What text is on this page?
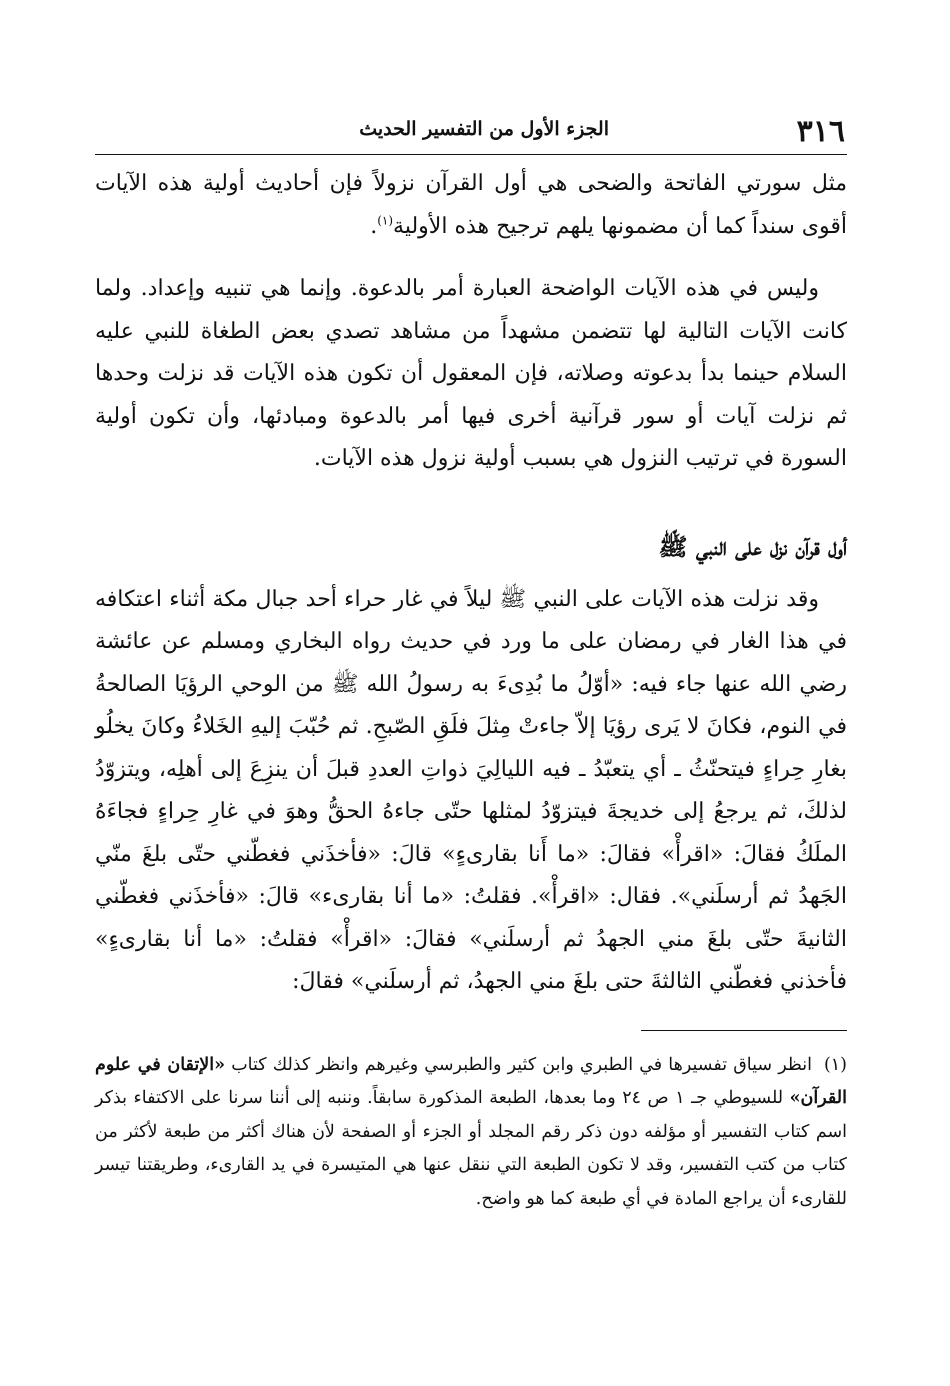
٣١٦
الجزء الأول من التفسير الحديث

مثل سورتي الفاتحة والضحى هي أول القرآن نزولاً فإن أحاديث أولية هذه الآيات أقوى سنداً كما أن مضمونها يلهم ترجيح هذه الأولية$^{(١)}$.

وليس في هذه الآيات الواضحة العبارة أمر بالدعوة. وإنما هي تنبيه وإعداد. ولما كانت الآيات التالية لها تتضمن مشهداً من مشاهد تصدي بعض الطغاة للنبي عليه السلام حينما بدأ بدعوته وصلاته، فإن المعقول أن تكون هذه الآيات قد نزلت وحدها ثم نزلت آيات أو سور قرآنية أخرى فيها أمر بالدعوة ومبادئها، وأن تكون أولية السورة في ترتيب النزول هي بسبب أولية نزول هذه الآيات.

أول قرآن نزل على النبي ﷺ

وقد نزلت هذه الآيات على النبي ﷺ ليلاً في غار حراء أحد جبال مكة أثناء اعتكافه في هذا الغار في رمضان على ما ورد في حديث رواه البخاري ومسلم عن عائشة رضي الله عنها جاء فيه: «أوّلُ ما بُدِىءَ به رسولُ الله ﷺ من الوحي الرؤيَا الصالحةُ في النوم، فكانَ لا يَرى رؤيَا إلاّ جاءتْ مِثلَ فلَقِ الصّبحِ. ثم حُبّبَ إليهِ الخَلاءُ وكانَ يخلُو بغارِ حِراءٍ فيتحنّثُ ـ أي يتعبّدُ ـ فيه الليالِيَ ذواتِ العددِ قبلَ أن ينزِعَ إلى أهلِه، ويتزوّدُ لذلكَ، ثم يرجعُ إلى خديجةَ فيتزوّدُ لمثلها حتّى جاءهُ الحقُّ وهوَ في غارِ حِراءٍ فجاءَهُ الملَكُ فقالَ: «اقرأْ» فقالَ: «ما أَنا بقارىءٍ» قالَ: «فأخذَني فغطّني حتّى بلغَ منّي الجَهدُ ثم أرسلَني». فقال: «اقرأْ». فقلتُ: «ما أنا بقارىء» قالَ: «فأخذَني فغطّني الثانيةَ حتّى بلغَ مني الجهدُ ثم أرسلَني» فقالَ: «اقرأْ» فقلتُ: «ما أنا بقارىءٍ» فأخذني فغطّني الثالثةَ حتى بلغَ مني الجهدُ، ثم أرسلَني» فقالَ:

(١)انظر سياق تفسيرها في الطبري وابن كثير والطبرسي وغيرهم وانظر كذلك كتاب «الإتقان في علوم القرآن» للسيوطي جـ ١ ص ٢٤ وما بعدها، الطبعة المذكورة سابقاً. وننبه إلى أننا سرنا على الاكتفاء بذكر اسم كتاب التفسير أو مؤلفه دون ذكر رقم المجلد أو الجزء أو الصفحة لأن هناك أكثر من طبعة لأكثر من كتاب من كتب التفسير، وقد لا تكون الطبعة التي ننقل عنها هي المتيسرة في يد القارىء، وطريقتنا تيسر للقارىء أن يراجع المادة في أي طبعة كما هو واضح.
